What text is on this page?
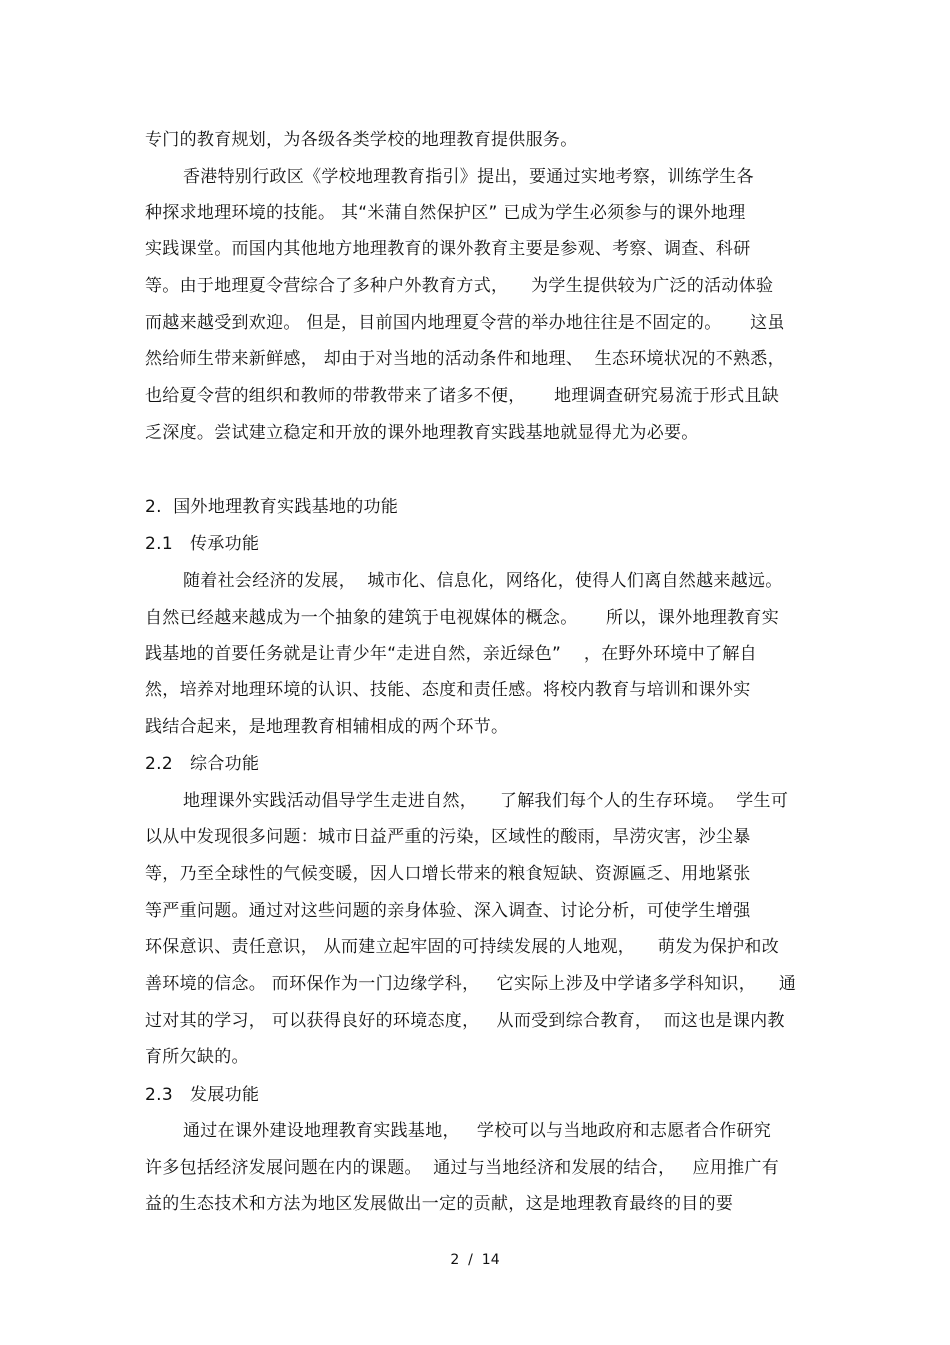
专门的教育规划，为各级各类学校的地理教育提供服务。
香港特别行政区《学校地理教育指引》提出，要通过实地考察，训练学生各
种探求地理环境的技能。 其“米蒲自然保护区” 已成为学生必须参与的课外地理
实践课堂。而国内其他地方地理教育的课外教育主要是参观、考察、调查、科研
等。由于地理夏令营综合了多种户外教育方式，    为学生提供较为广泛的活动体验
而越来越受到欢迎。 但是，目前国内地理夏令营的举办地往往是不固定的。     这虽
然给师生带来新鲜感， 却由于对当地的活动条件和地理、  生态环境状况的不熟悉，
也给夏令营的组织和教师的带教带来了诸多不便，     地理调查研究易流于形式且缺
乏深度。尝试建立稳定和开放的课外地理教育实践基地就显得尤为必要。
2.  国外地理教育实践基地的功能
2.1   传承功能
随着社会经济的发展，  城市化、信息化，网络化，使得人们离自然越来越远。
自然已经越来越成为一个抽象的建筑于电视媒体的概念。     所以，课外地理教育实
践基地的首要任务就是让青少年“走进自然，亲近绿色”    ，在野外环境中了解自
然，培养对地理环境的认识、技能、态度和责任感。将校内教育与培训和课外实
践结合起来，是地理教育相辅相成的两个环节。
2.2   综合功能
地理课外实践活动倡导学生走进自然，    了解我们每个人的生存环境。  学生可
以从中发现很多问题：城市日益严重的污染，区域性的酸雨，旱涝灾害，沙尘暴
等，乃至全球性的气候变暖，因人口增长带来的粮食短缺、资源匾乏、用地紧张
等严重问题。通过对这些问题的亲身体验、深入调查、讨论分析，可使学生增强
环保意识、责任意识， 从而建立起牢固的可持续发展的人地观，    萌发为保护和改
善环境的信念。 而环保作为一门边缘学科，   它实际上涉及中学诸多学科知识，    通
过对其的学习， 可以获得良好的环境态度，   从而受到综合教育，  而这也是课内教
育所欠缺的。
2.3   发展功能
通过在课外建设地理教育实践基地，   学校可以与当地政府和志愿者合作研究
许多包括经济发展问题在内的课题。  通过与当地经济和发展的结合，   应用推广有
益的生态技术和方法为地区发展做出一定的贡献，这是地理教育最终的目的要
2  /  14
